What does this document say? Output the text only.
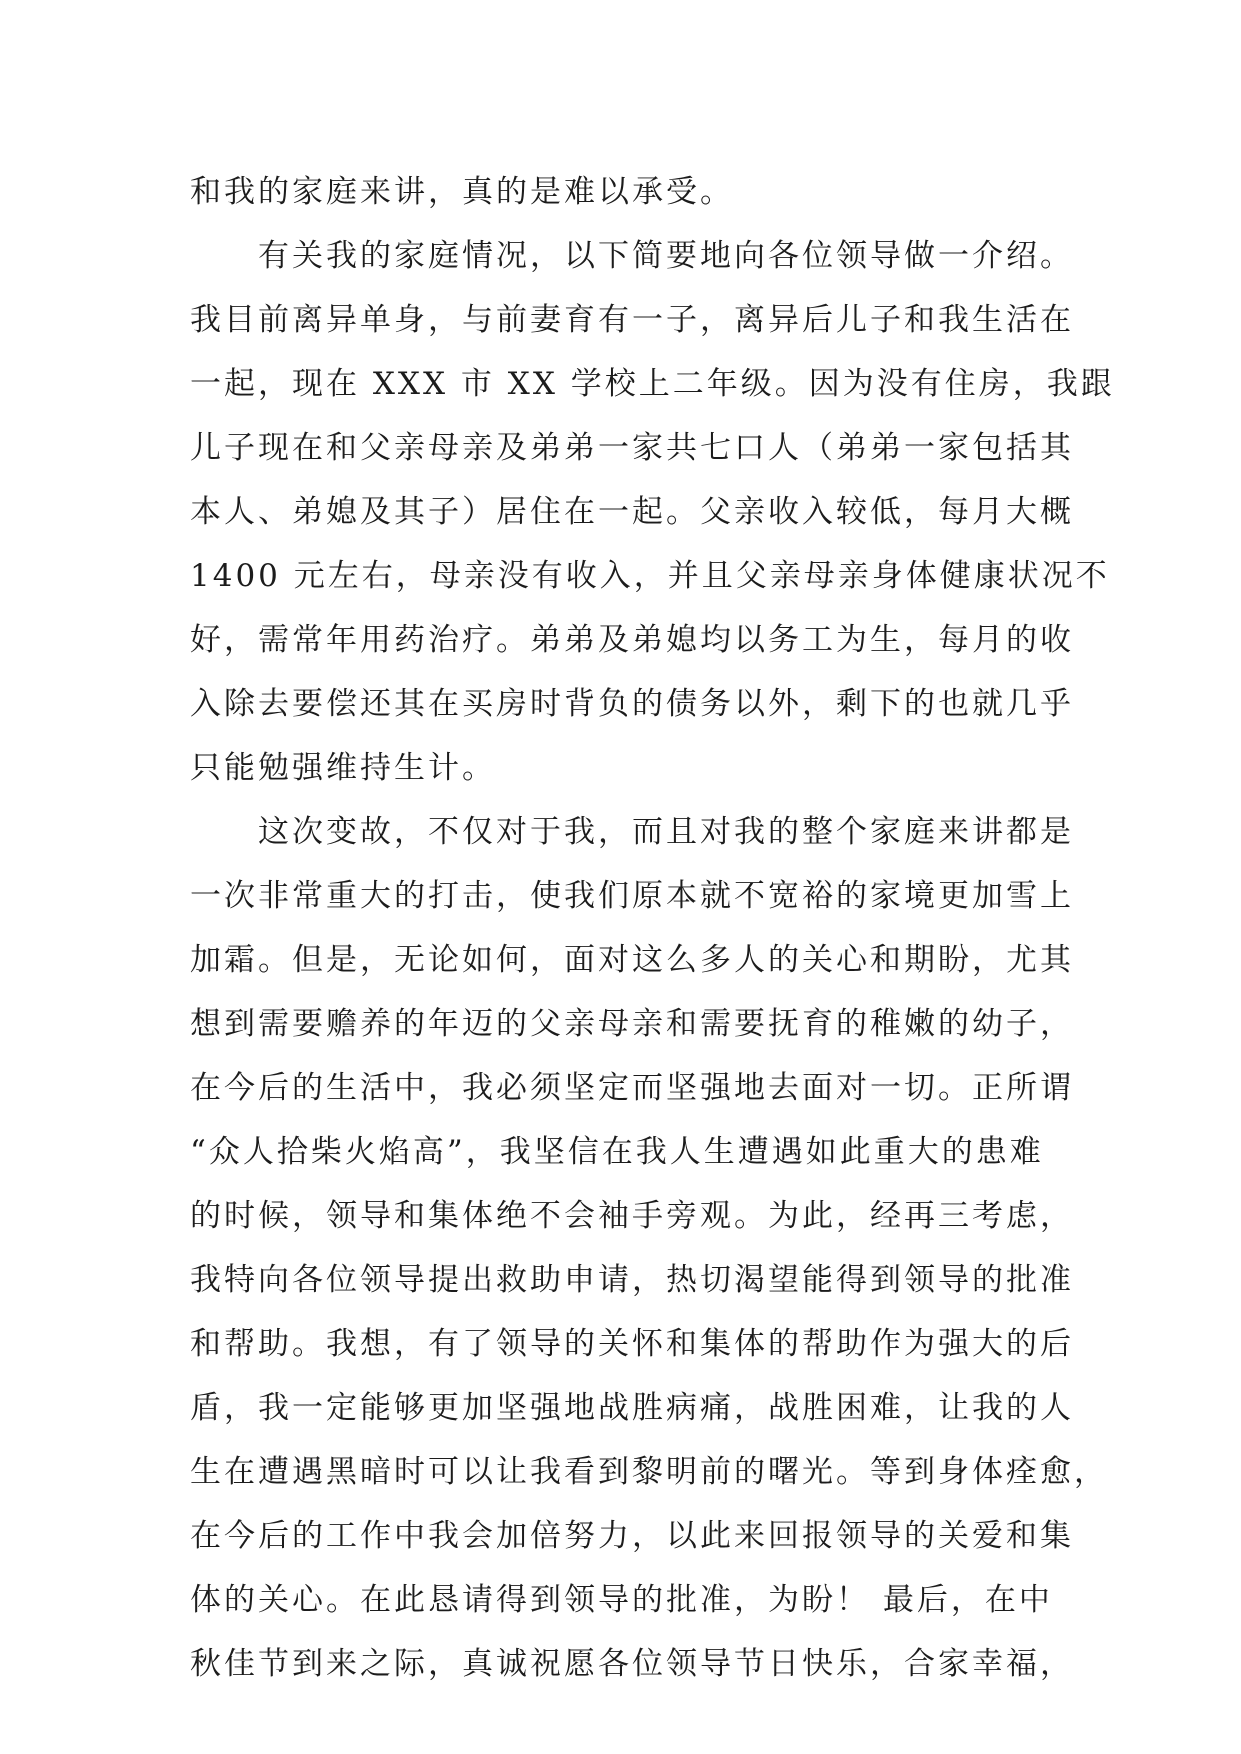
和我的家庭来讲，真的是难以承受。
有关我的家庭情况，以下简要地向各位领导做一介绍。
我目前离异单身，与前妻育有一子，离异后儿子和我生活在
一起，现在 XXX 市 XX 学校上二年级。因为没有住房，我跟
儿子现在和父亲母亲及弟弟一家共七口人（弟弟一家包括其
本人、弟媳及其子）居住在一起。父亲收入较低，每月大概
1400 元左右，母亲没有收入，并且父亲母亲身体健康状况不
好，需常年用药治疗。弟弟及弟媳均以务工为生，每月的收
入除去要偿还其在买房时背负的债务以外，剩下的也就几乎
只能勉强维持生计。
这次变故，不仅对于我，而且对我的整个家庭来讲都是
一次非常重大的打击，使我们原本就不宽裕的家境更加雪上
加霜。但是，无论如何，面对这么多人的关心和期盼，尤其
想到需要赡养的年迈的父亲母亲和需要抚育的稚嫩的幼子，
在今后的生活中，我必须坚定而坚强地去面对一切。正所谓
“众人拾柴火焰高”，我坚信在我人生遭遇如此重大的患难
的时候，领导和集体绝不会袖手旁观。为此，经再三考虑，
我特向各位领导提出救助申请，热切渴望能得到领导的批准
和帮助。我想，有了领导的关怀和集体的帮助作为强大的后
盾，我一定能够更加坚强地战胜病痛，战胜困难，让我的人
生在遭遇黑暗时可以让我看到黎明前的曙光。等到身体痊愈，
在今后的工作中我会加倍努力，以此来回报领导的关爱和集
体的关心。在此恳请得到领导的批准，为盼！ 最后，在中
秋佳节到来之际，真诚祝愿各位领导节日快乐，合家幸福，
